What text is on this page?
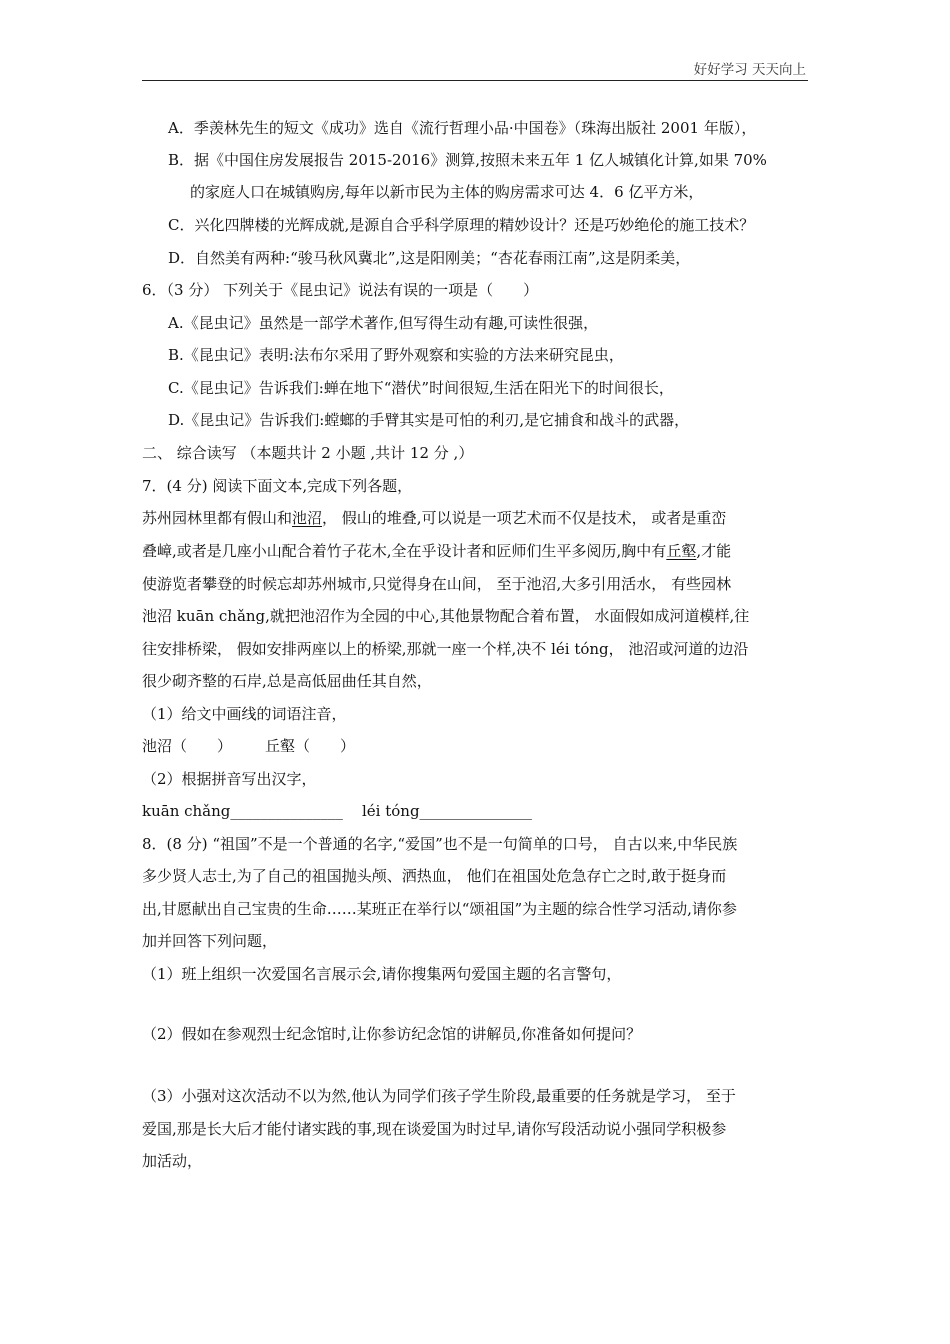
好好学习 天天向上
A．季羡林先生的短文《成功》选自《流行哲理小品·中国卷》（珠海出版社 2001 年版），
B．据《中国住房发展报告 2015-2016》测算,按照未来五年 1 亿人城镇化计算,如果 70%
的家庭人口在城镇购房,每年以新市民为主体的购房需求可达 4．6 亿平方米，
C．兴化四牌楼的光辉成就,是源自合乎科学原理的精妙设计？还是巧妙绝伦的施工技术？
D．自然美有两种:“骏马秋风冀北”,这是阳刚美；“杏花春雨江南”,这是阴柔美，
6．（3 分） 下列关于《昆虫记》说法有误的一项是（　　）
A.《昆虫记》虽然是一部学术著作,但写得生动有趣,可读性很强，
B.《昆虫记》表明:法布尔采用了野外观察和实验的方法来研究昆虫，
C.《昆虫记》告诉我们:蝉在地下“潜伏”时间很短,生活在阳光下的时间很长，
D.《昆虫记》告诉我们:螳螂的手臂其实是可怕的利刃,是它捕食和战斗的武器，
二、 综合读写 （本题共计 2 小题 ,共计 12 分 ,）
7．(4 分) 阅读下面文本,完成下列各题，
苏州园林里都有假山和池沼， 假山的堆叠,可以说是一项艺术而不仅是技术， 或者是重峦
叠嶂,或者是几座小山配合着竹子花木,全在乎设计者和匠师们生平多阅历,胸中有丘壑,才能
使游览者攀登的时候忘却苏州城市,只觉得身在山间， 至于池沼,大多引用活水， 有些园林
池沼 kuān chǎng,就把池沼作为全园的中心,其他景物配合着布置， 水面假如成河道模样,往
往安排桥梁， 假如安排两座以上的桥梁,那就一座一个样,决不 léi tóng， 池沼或河道的边沿
很少砌齐整的石岸,总是高低屈曲任其自然，
（1）给文中画线的词语注音，
池沼（　　） 丘壑（　　）
（2）根据拼音写出汉字，
kuān chǎng_______________ léi tóng_______________
8．(8 分) “祖国”不是一个普通的名字,“爱国”也不是一句简单的口号， 自古以来,中华民族
多少贤人志士,为了自己的祖国抛头颅、洒热血， 他们在祖国处危急存亡之时,敢于挺身而
出,甘愿献出自己宝贵的生命……某班正在举行以“颂祖国”为主题的综合性学习活动,请你参
加并回答下列问题，
（1）班上组织一次爱国名言展示会,请你搜集两句爱国主题的名言警句，
（2）假如在参观烈士纪念馆时,让你参访纪念馆的讲解员,你准备如何提问？
（3）小强对这次活动不以为然,他认为同学们孩子学生阶段,最重要的任务就是学习， 至于
爱国,那是长大后才能付诸实践的事,现在谈爱国为时过早,请你写段活动说小强同学积极参
加活动，
